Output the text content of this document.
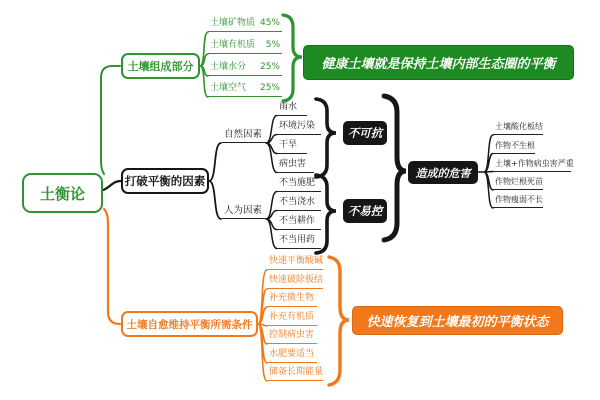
土衡论
土壤组成部分
土壤矿物质 45%
土壤有机质 5%
土壤水分 25%
土壤空气 25%
健康土壤就是保持土壤内部生态圈的平衡
打破平衡的因素
自然因素
雨水
环境污染
干旱
病虫害
不可抗
人为因素
不当施肥
不当浇水
不当耕作
不当用药
不易控
造成的危害
土壤酸化板结
作物不生根
土壤+作物病虫害严重
作物烂根死苗
作物瘦弱不长
土壤自愈维持平衡所需条件
快速平衡酸碱
快速破除板结
补充微生物
补充有机质
控制病虫害
水肥要适当
储备长期能量
快速恢复到土壤最初的平衡状态
